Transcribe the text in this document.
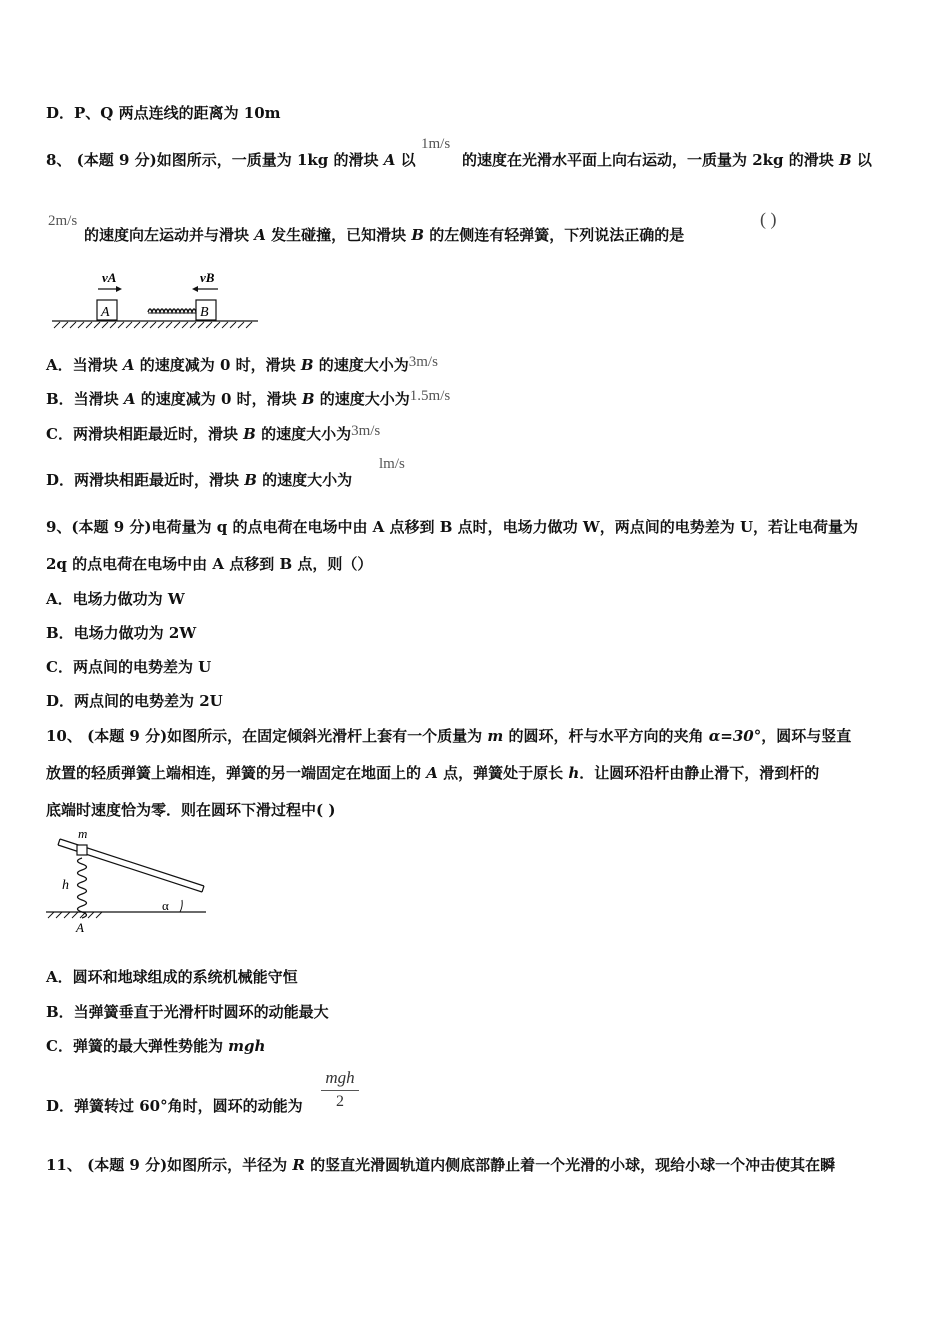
D．P、Q 两点连线的距离为 10m
8、 (本题 9 分)如图所示，一质量为 1kg 的滑块 A 以
1m/s
的速度在光滑水平面上向右运动，一质量为 2kg 的滑块 B 以
2m/s
的速度向左运动并与滑块 A 发生碰撞，已知滑块 B 的左侧连有轻弹簧，下列说法正确的是
( )
vA	vB
A	B
A．当滑块 A 的速度减为 0 时，滑块 B 的速度大小为3m/s
B．当滑块 A 的速度减为 0 时，滑块 B 的速度大小为1.5m/s
C．两滑块相距最近时，滑块 B 的速度大小为3m/s
D．两滑块相距最近时，滑块 B 的速度大小为
lm/s
9、(本题 9 分)电荷量为 q 的点电荷在电场中由 A 点移到 B 点时，电场力做功 W，两点间的电势差为 U，若让电荷量为
2q 的点电荷在电场中由 A 点移到 B 点，则（）
A．电场力做功为 W
B．电场力做功为 2W
C．两点间的电势差为 U
D．两点间的电势差为 2U
10、 (本题 9 分)如图所示，在固定倾斜光滑杆上套有一个质量为 m 的圆环，杆与水平方向的夹角 α=30°，圆环与竖直
放置的轻质弹簧上端相连，弹簧的另一端固定在地面上的 A 点，弹簧处于原长 h．让圆环沿杆由静止滑下，滑到杆的
底端时速度恰为零．则在圆环下滑过程中( )
m
h
α
A
A．圆环和地球组成的系统机械能守恒
B．当弹簧垂直于光滑杆时圆环的动能最大
C．弹簧的最大弹性势能为 mgh
D．弹簧转过 60°角时，圆环的动能为
mgh
2
11、 (本题 9 分)如图所示，半径为 R 的竖直光滑圆轨道内侧底部静止着一个光滑的小球，现给小球一个冲击使其在瞬
